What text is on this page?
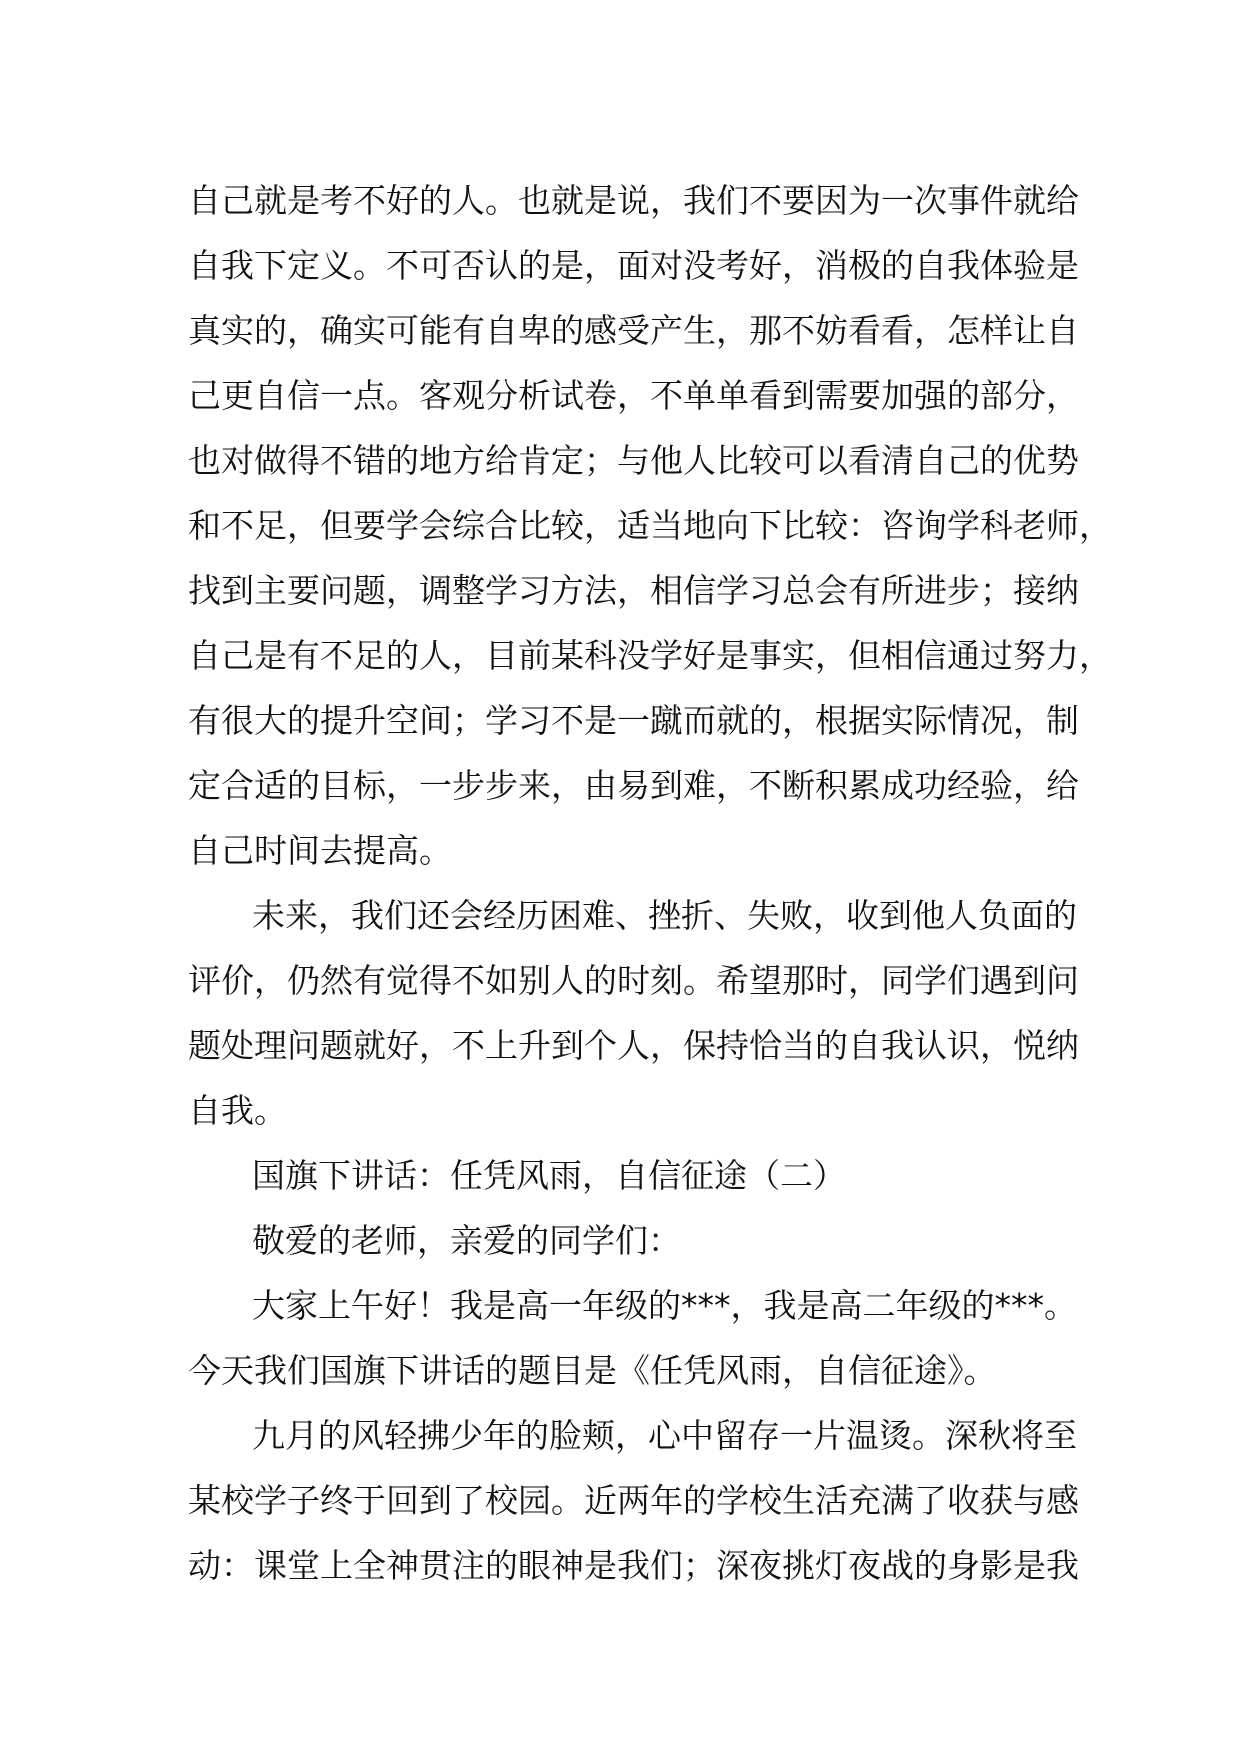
自己就是考不好的人。也就是说，我们不要因为一次事件就给
自我下定义。不可否认的是，面对没考好，消极的自我体验是
真实的，确实可能有自卑的感受产生，那不妨看看，怎样让自
己更自信一点。客观分析试卷，不单单看到需要加强的部分，
也对做得不错的地方给肯定；与他人比较可以看清自己的优势
和不足，但要学会综合比较，适当地向下比较：咨询学科老师，
找到主要问题，调整学习方法，相信学习总会有所进步；接纳
自己是有不足的人，目前某科没学好是事实，但相信通过努力，
有很大的提升空间；学习不是一蹴而就的，根据实际情况，制
定合适的目标，一步步来，由易到难，不断积累成功经验，给
自己时间去提高。
未来，我们还会经历困难、挫折、失败，收到他人负面的
评价，仍然有觉得不如别人的时刻。希望那时，同学们遇到问
题处理问题就好，不上升到个人，保持恰当的自我认识，悦纳
自我。
国旗下讲话：任凭风雨，自信征途（二）
敬爱的老师，亲爱的同学们：
大家上午好！我是高一年级的***，我是高二年级的***。
今天我们国旗下讲话的题目是《任凭风雨，自信征途》。
九月的风轻拂少年的脸颊，心中留存一片温烫。深秋将至
某校学子终于回到了校园。近两年的学校生活充满了收获与感
动：课堂上全神贯注的眼神是我们；深夜挑灯夜战的身影是我
